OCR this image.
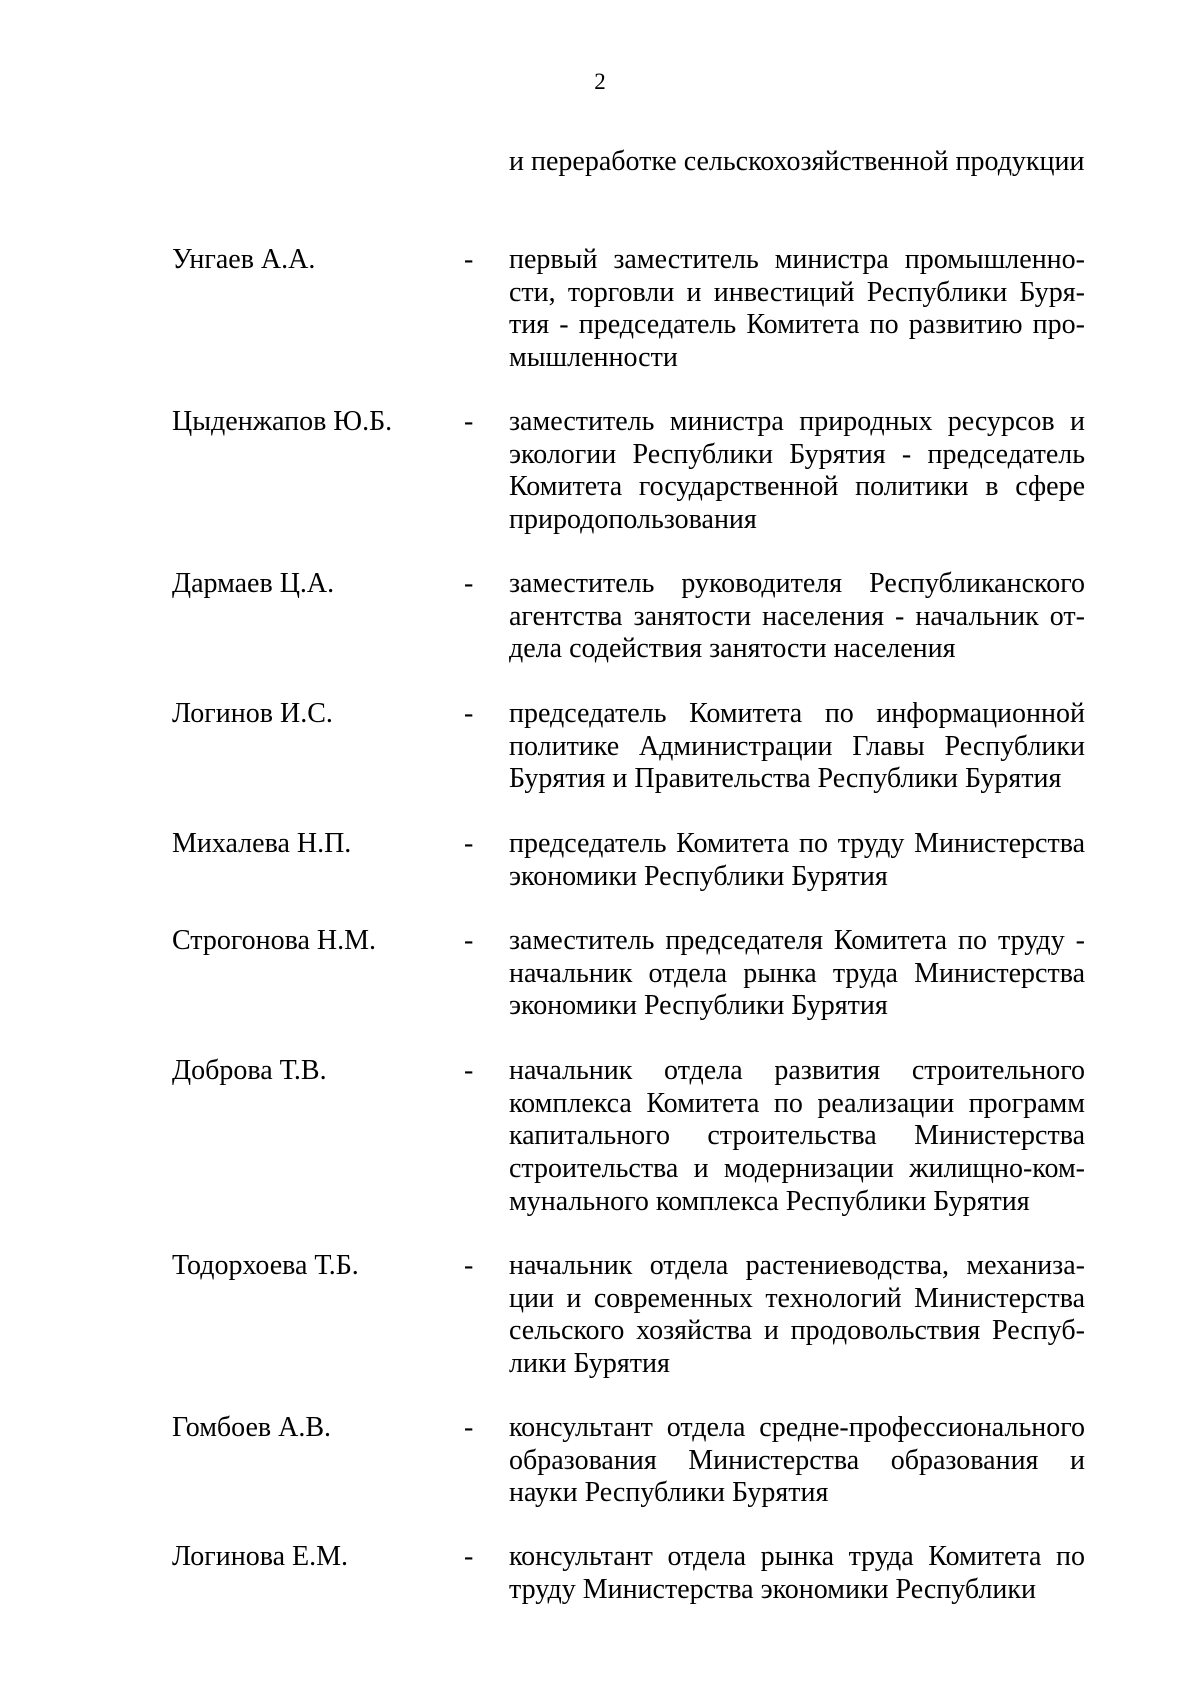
2
и переработке сельскохозяйственной продукции
Унгаев А.А.	- первый заместитель министра промышленности, торговли и инвестиций Республики Бурятия - председатель Комитета по развитию промышленности
Цыденжапов Ю.Б.	- заместитель министра природных ресурсов и экологии Республики Бурятия - председатель Комитета государственной политики в сфере природопользования
Дармаев Ц.А.	- заместитель руководителя Республиканского агентства занятости населения - начальник отдела содействия занятости населения
Логинов И.С.	- председатель Комитета по информационной политике Администрации Главы Республики Бурятия и Правительства Республики Бурятия
Михалева Н.П.	- председатель Комитета по труду Министерства экономики Республики Бурятия
Строгонова Н.М.	- заместитель председателя Комитета по труду - начальник отдела рынка труда Министерства экономики Республики Бурятия
Доброва Т.В.	- начальник отдела развития строительного комплекса Комитета по реализации программ капитального строительства Министерства строительства и модернизации жилищно-коммунального комплекса Республики Бурятия
Тодорхоева Т.Б.	- начальник отдела растениеводства, механизации и современных технологий Министерства сельского хозяйства и продовольствия Республики Бурятия
Гомбоев А.В.	- консультант отдела средне-профессионального образования Министерства образования и науки Республики Бурятия
Логинова Е.М.	- консультант отдела рынка труда Комитета по труду Министерства экономики Республики
